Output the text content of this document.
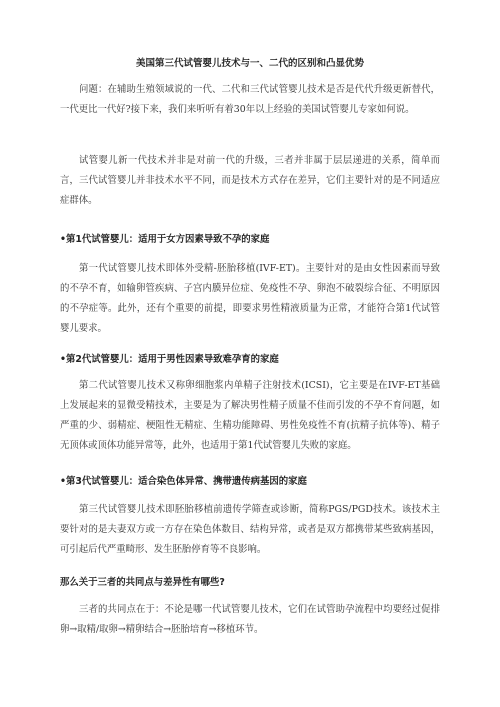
美国第三代试管婴儿技术与一、二代的区别和凸显优势

问题：在辅助生殖领域说的一代、二代和三代试管婴儿技术是否是代代升级更新替代，一代更比一代好?接下来，我们来听听有着30年以上经验的美国试管婴儿专家如何说。

试管婴儿新一代技术并非是对前一代的升级，三者并非属于层层递进的关系，简单而言，三代试管婴儿并非技术水平不同，而是技术方式存在差异，它们主要针对的是不同适应症群体。

•第1代试管婴儿：适用于女方因素导致不孕的家庭

第一代试管婴儿技术即体外受精-胚胎移植(IVF-ET)。主要针对的是由女性因素而导致的不孕不育，如输卵管疾病、子宫内膜异位症、免疫性不孕、卵泡不破裂综合征、不明原因的不孕症等。此外，还有个重要的前提，即要求男性精液质量为正常，才能符合第1代试管婴儿要求。

•第2代试管婴儿：适用于男性因素导致难孕育的家庭

第二代试管婴儿技术又称卵细胞浆内单精子注射技术(ICSI)，它主要是在IVF-ET基础上发展起来的显微受精技术，主要是为了解决男性精子质量不佳而引发的不孕不育问题，如严重的少、弱精症、梗阻性无精症、生精功能障碍、男性免疫性不育(抗精子抗体等)、精子无顶体或顶体功能异常等，此外，也适用于第1代试管婴儿失败的家庭。

•第3代试管婴儿：适合染色体异常、携带遗传病基因的家庭

第三代试管婴儿技术即胚胎移植前遗传学筛查或诊断，简称PGS/PGD技术。该技术主要针对的是夫妻双方或一方存在染色体数目、结构异常，或者是双方都携带某些致病基因，可引起后代严重畸形、发生胚胎停育等不良影响。

那么关于三者的共同点与差异性有哪些?

三者的共同点在于：不论是哪一代试管婴儿技术，它们在试管助孕流程中均要经过促排卵→取精/取卵→精卵结合→胚胎培育→移植环节。
